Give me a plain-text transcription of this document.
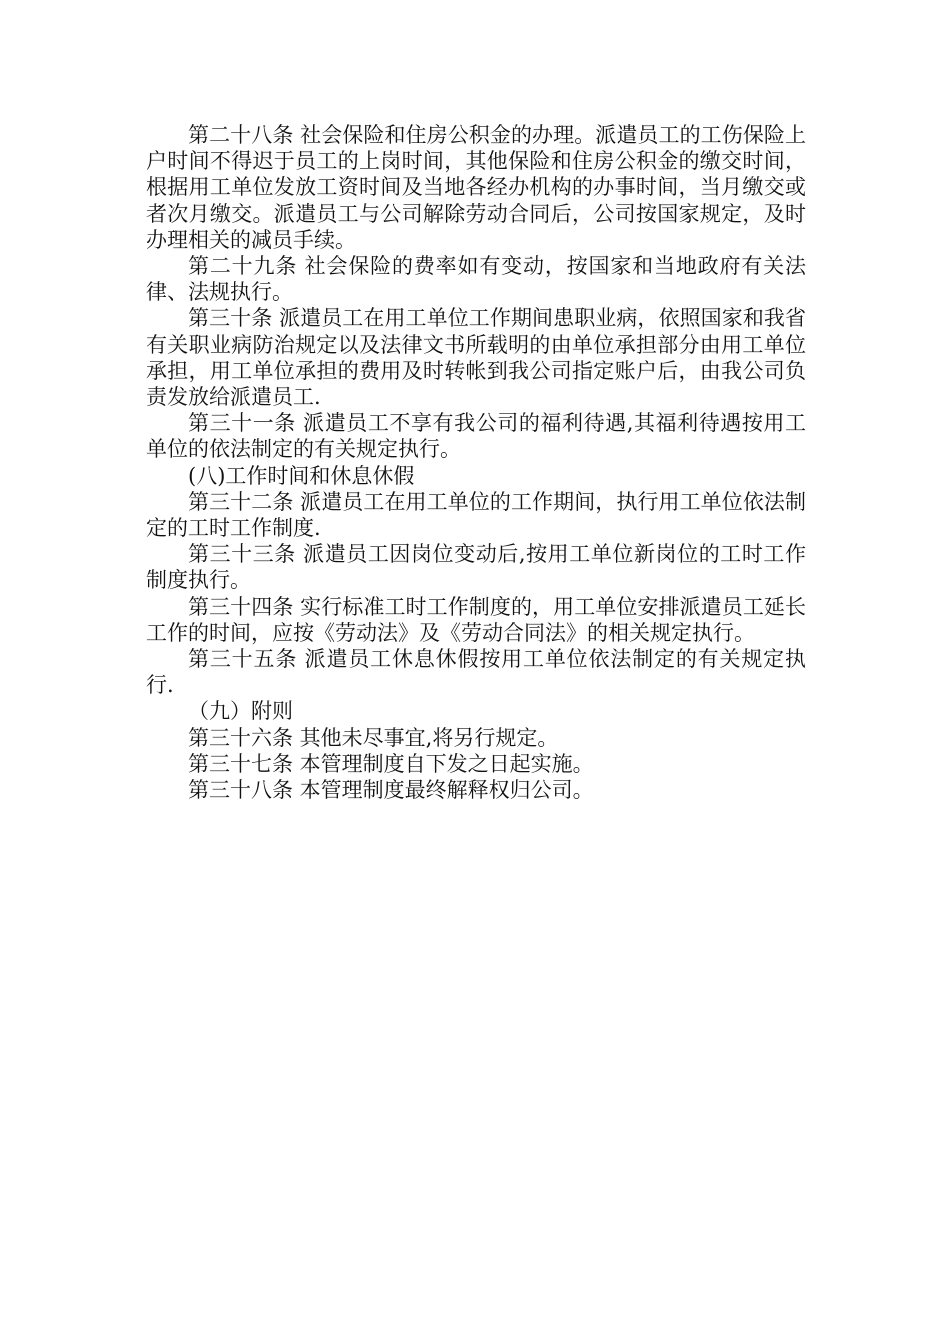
第二十八条 社会保险和住房公积金的办理。派遣员工的工伤保险上户时间不得迟于员工的上岗时间，其他保险和住房公积金的缴交时间，根据用工单位发放工资时间及当地各经办机构的办事时间，当月缴交或者次月缴交。派遣员工与公司解除劳动合同后，公司按国家规定，及时办理相关的减员手续。

第二十九条 社会保险的费率如有变动，按国家和当地政府有关法律、法规执行。

第三十条 派遣员工在用工单位工作期间患职业病，依照国家和我省有关职业病防治规定以及法律文书所载明的由单位承担部分由用工单位承担，用工单位承担的费用及时转帐到我公司指定账户后，由我公司负责发放给派遣员工.

第三十一条 派遣员工不享有我公司的福利待遇,其福利待遇按用工单位的依法制定的有关规定执行。

(八)工作时间和休息休假

第三十二条 派遣员工在用工单位的工作期间，执行用工单位依法制定的工时工作制度.

第三十三条 派遣员工因岗位变动后,按用工单位新岗位的工时工作制度执行。

第三十四条 实行标准工时工作制度的，用工单位安排派遣员工延长工作的时间，应按《劳动法》及《劳动合同法》的相关规定执行。

第三十五条 派遣员工休息休假按用工单位依法制定的有关规定执行.

（九）附则

第三十六条 其他未尽事宜,将另行规定。

第三十七条 本管理制度自下发之日起实施。

第三十八条 本管理制度最终解释权归公司。
